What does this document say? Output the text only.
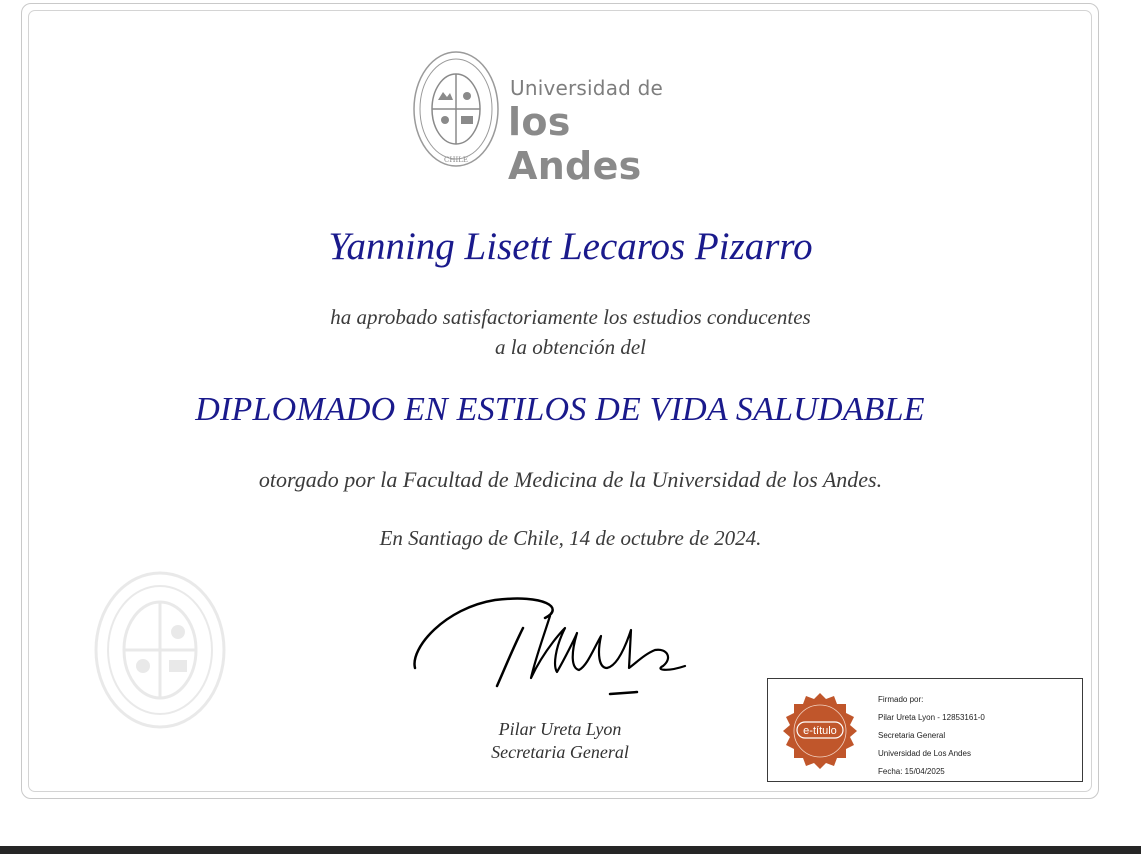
CHILE
Universidad de
los Andes
Yanning Lisett Lecaros Pizarro
ha aprobado satisfactoriamente los estudios conducentes
a la obtención del
DIPLOMADO EN ESTILOS DE VIDA SALUDABLE
otorgado por la Facultad de Medicina de la Universidad de los Andes.
En Santiago de Chile, 14 de octubre de 2024.
Pilar Ureta Lyon
Secretaria General
e-título
Firmado por:
Pilar Ureta Lyon - 12853161-0
Secretaria General
Universidad de Los Andes
Fecha: 15/04/2025
